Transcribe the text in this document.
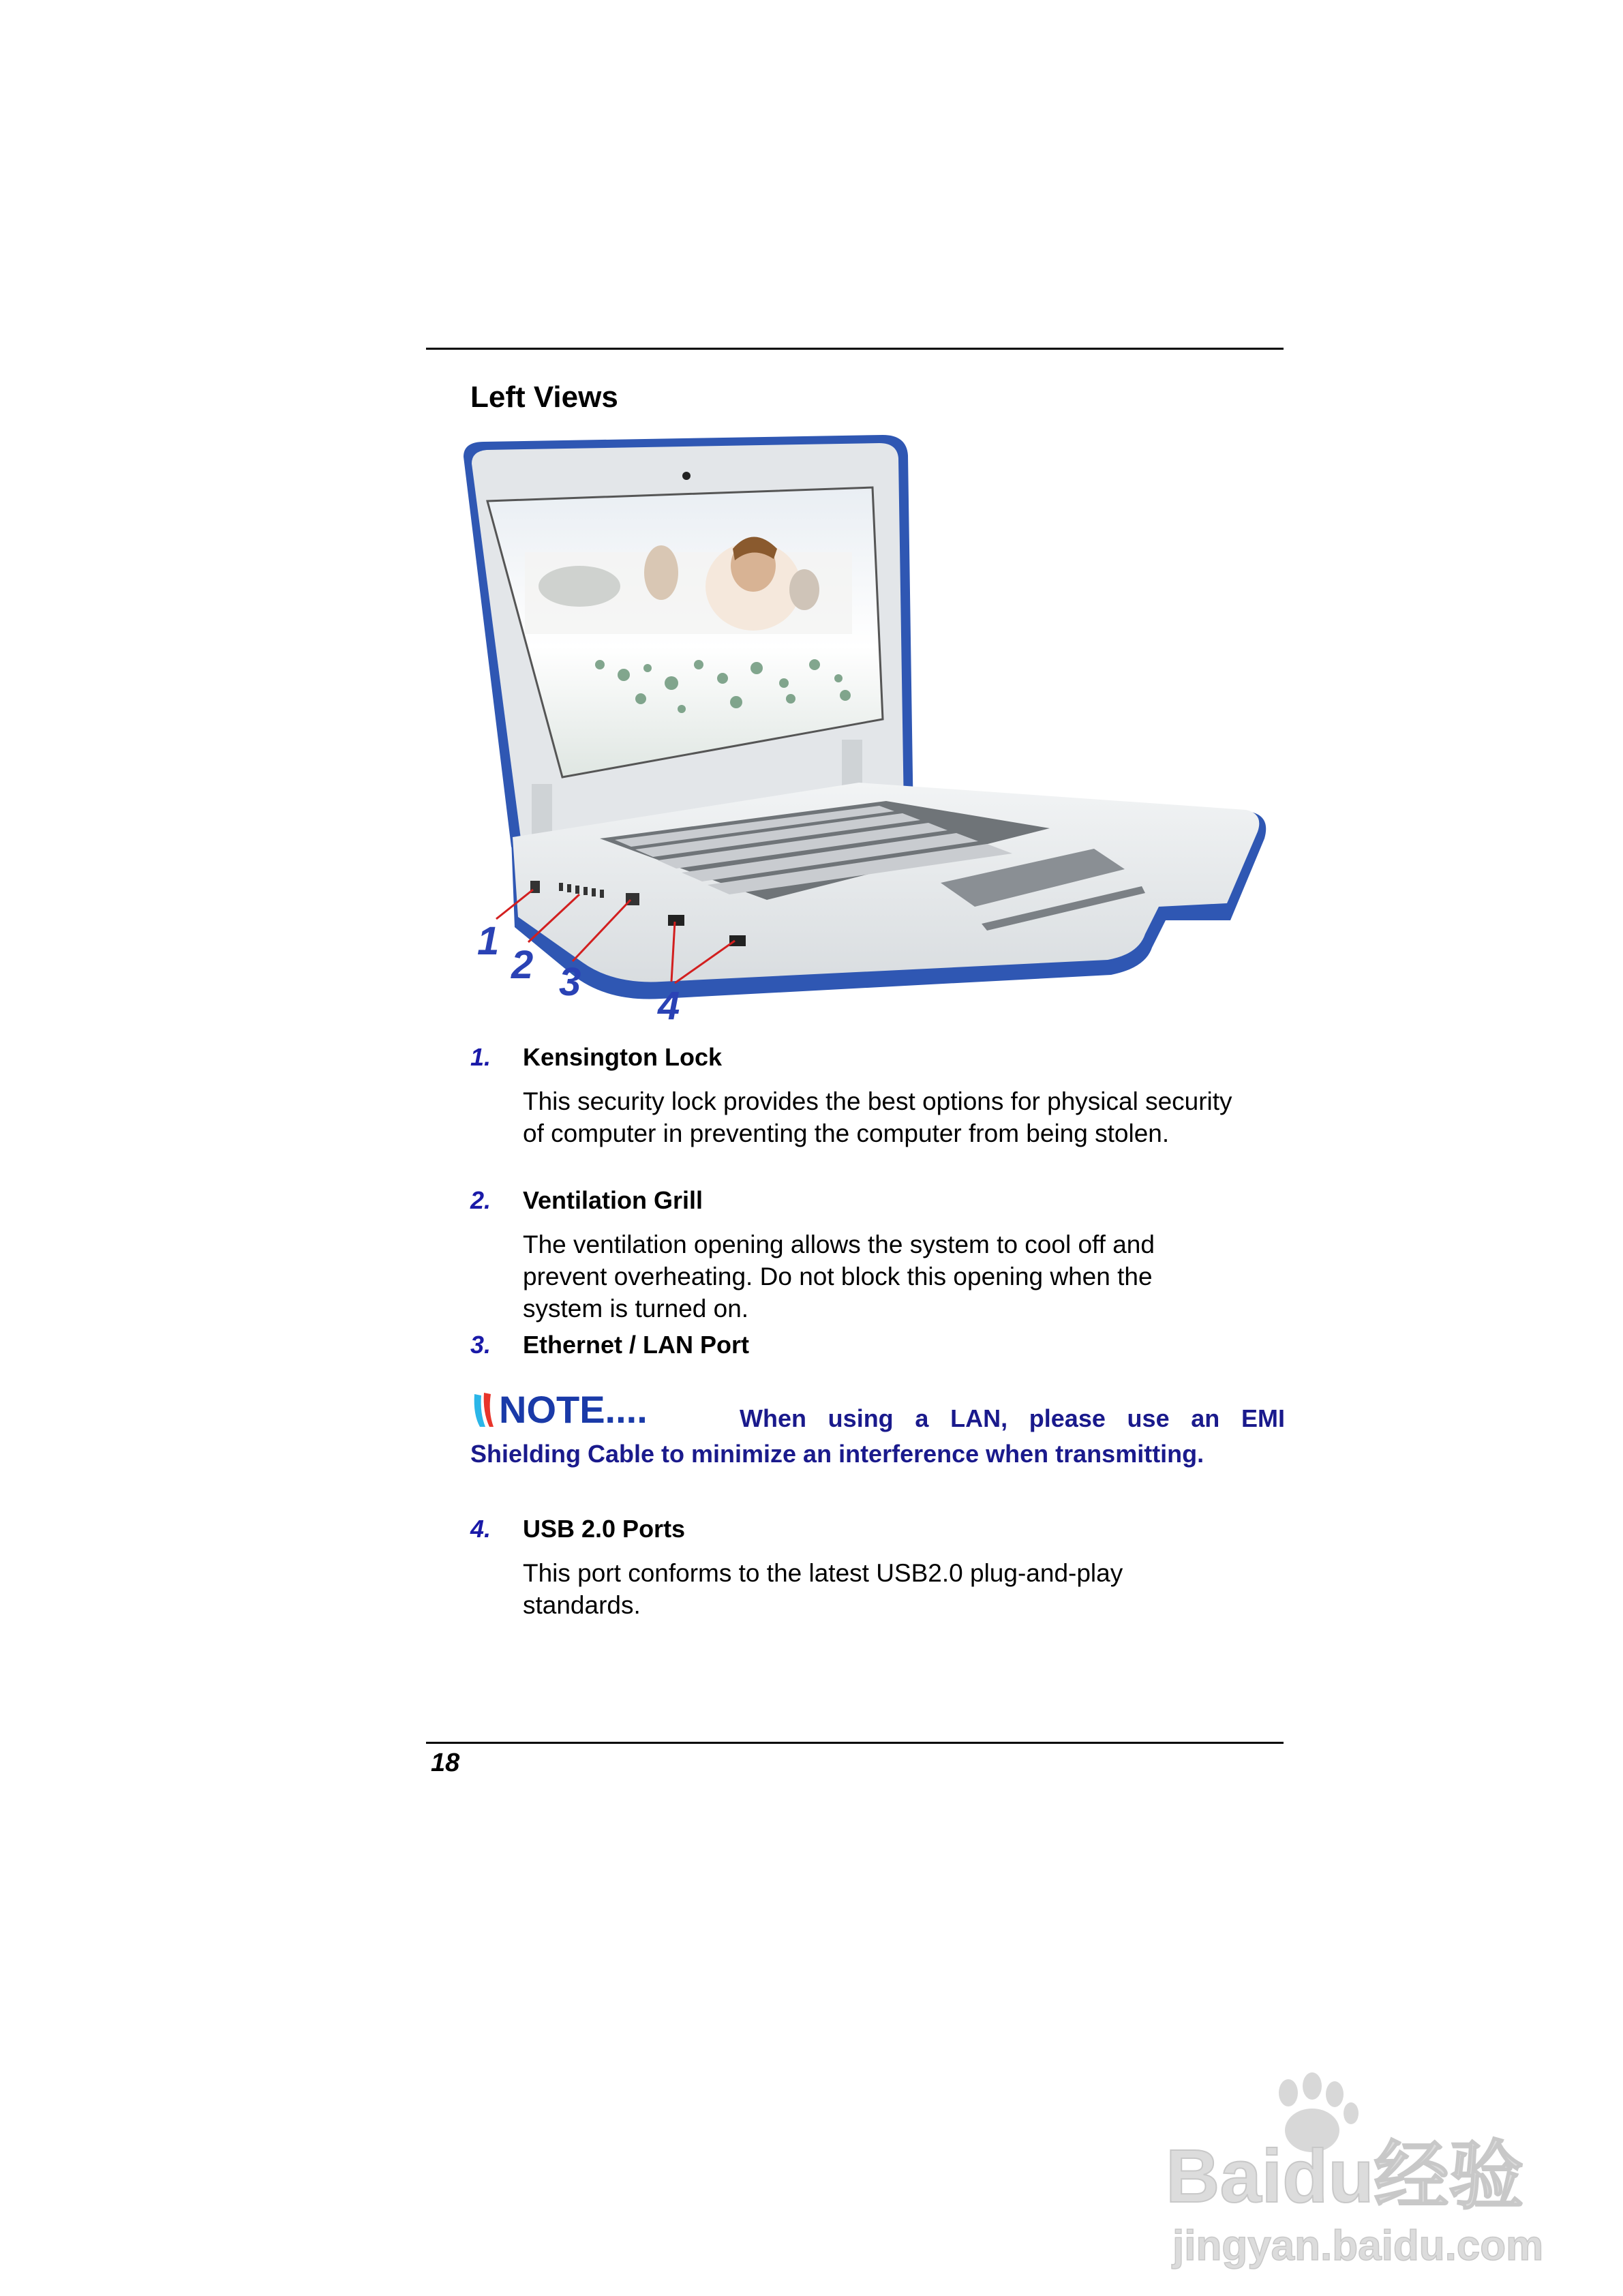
Left Views
1
2 3
4
1. Kensington Lock
This security lock provides the best options for physical security of computer in preventing the computer from being stolen.
2. Ventilation Grill
The ventilation opening allows the system to cool off and prevent overheating. Do not block this opening when the system is turned on.
3. Ethernet / LAN Port
NOTE....	When using a LAN, please use an EMI Shielding Cable to minimize an interference when transmitting.
4. USB 2.0 Ports
This port conforms to the latest USB2.0 plug-and-play standards.
18
Baidu经验
jingyan.baidu.com
